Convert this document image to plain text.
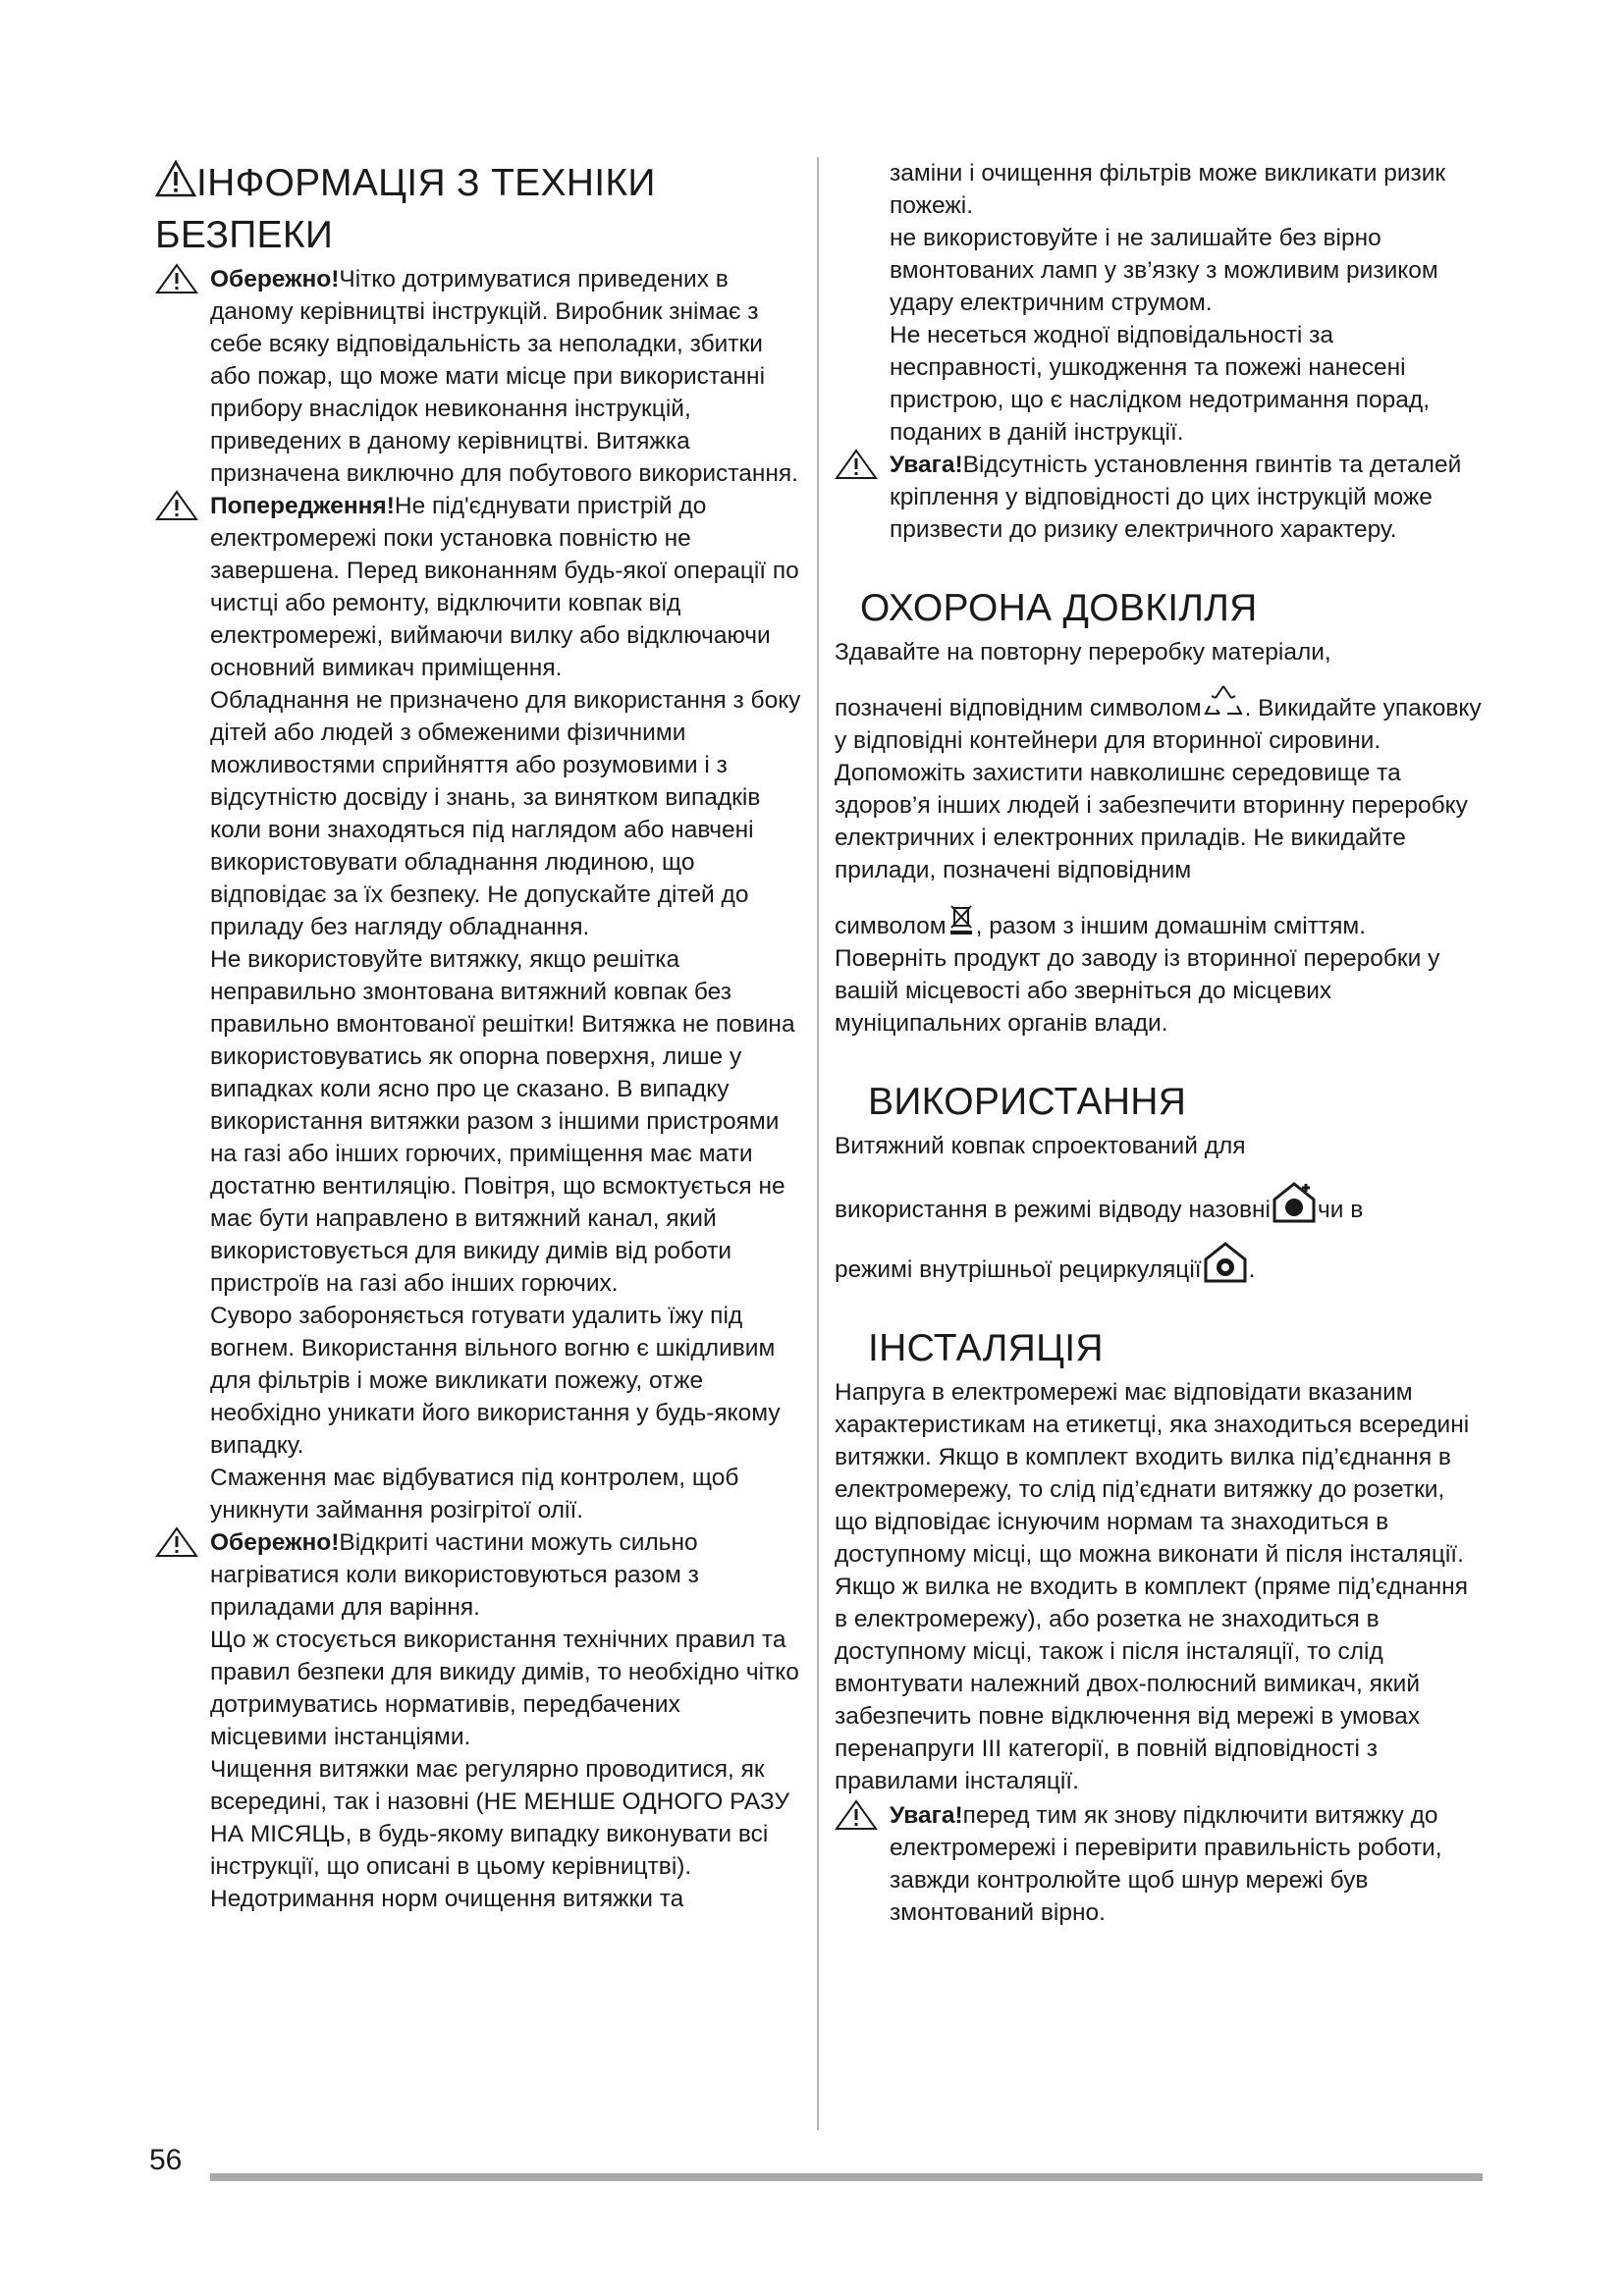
ІНФОРМАЦІЯ З ТЕХНІКИ
БЕЗПЕКИ

Обережно!Чітко дотримуватися приведених в даному керівництві інструкцій. Виробник знімає з себе всяку відповідальність за неполадки, збитки або пожар, що може мати місце при використанні прибору внаслідок невиконання інструкцій, приведених в даному керівництві. Витяжка призначена виключно для побутового використання.

Попередження!Не під'єднувати пристрій до електромережі поки установка повністю не завершена. Перед виконанням будь-якої операції по чистці або ремонту, відключити ковпак від електромережі, виймаючи вилку або відключаючи основний вимикач приміщення.

Обладнання не призначено для використання з боку дітей або людей з обмеженими фізичними можливостями сприйняття або розумовими і з відсутністю досвіду і знань, за винятком випадків коли вони знаходяться під наглядом або навчені використовувати обладнання людиною, що відповідає за їх безпеку. Не допускайте дітей до приладу без нагляду обладнання.

Не використовуйте витяжку, якщо решітка неправильно змонтована витяжний ковпак без правильно вмонтованої решітки! Витяжка не повина використовуватись як опорна поверхня, лише у випадках коли ясно про це сказано. В випадку використання витяжки разом з іншими пристроями на газі або інших горючих, приміщення має мати достатню вентиляцію. Повітря, що всмоктується не має бути направлено в витяжний канал, який використовується для викиду димів від роботи пристроїв на газі або інших горючих.

Суворо забороняється готувати удалить їжу під вогнем. Використання вільного вогню є шкідливим для фільтрів і може викликати пожежу, отже необхідно уникати його використання у будь-якому випадку.

Смаження має відбуватися під контролем, щоб уникнути займання розігрітої олії.

Обережно!Відкриті частини можуть сильно нагріватися коли використовуються разом з приладами для варіння.

Що ж стосується використання технічних правил та правил безпеки для викиду димів, то необхідно чітко дотримуватись нормативів, передбачених місцевими інстанціями.

Чищення витяжки має регулярно проводитися, як всередині, так і назовні (НЕ МЕНШЕ ОДНОГО РАЗУ НА МІСЯЦЬ, в будь-якому випадку виконувати всі інструкції, що описані в цьому керівництві).

Недотримання норм очищення витяжки та

заміни і очищення фільтрів може викликати ризик пожежі.

не використовуйте і не залишайте без вірно вмонтованих ламп у зв’язку з можливим ризиком удару електричним струмом.

Не несеться жодної відповідальності за несправності, ушкодження та пожежі нанесені пристрою, що є наслідком недотримання порад, поданих в даній інструкції.

Увага!Відсутність установлення гвинтів та деталей кріплення у відповідності до цих інструкцій може призвести до ризику електричного характеру.

ОХОРОНА ДОВКІЛЛЯ

Здавайте на повторну переробку матеріали,

позначені відповідним символом . Викидайте упаковку у відповідні контейнери для вторинної сировини.

Допоможіть захистити навколишнє середовище та здоров’я інших людей і забезпечити вторинну переробку електричних і електронних приладів. Не викидайте прилади, позначені відповідним

символом , разом з іншим домашнім сміттям. Поверніть продукт до заводу із вторинної переробки у вашій місцевості або зверніться до місцевих муніципальних органів влади.

ВИКОРИСТАННЯ

Витяжний ковпак спроектований для

використання в режимі відводу назовні чи в

режимі внутрішньої рециркуляції .

ІНСТАЛЯЦІЯ

Напруга в електромережі має відповідати вказаним характеристикам на етикетці, яка знаходиться всередині витяжки. Якщо в комплект входить вилка під’єднання в електромережу, то слід під’єднати витяжку до розетки, що відповідає існуючим нормам та знаходиться в доступному місці, що можна виконати й після інсталяції. Якщо ж вилка не входить в комплект (пряме під’єднання в електромережу), або розетка не знаходиться в доступному місці, також і після інсталяції, то слід вмонтувати належний двох-полюсний вимикач, який забезпечить повне відключення від мережі в умовах перенапруги ІІІ категорії, в повній відповідності з правилами інсталяції.

Увага!перед тим як знову підключити витяжку до електромережі і перевірити правильність роботи, завжди контролюйте щоб шнур мережі був змонтований вірно.

56
